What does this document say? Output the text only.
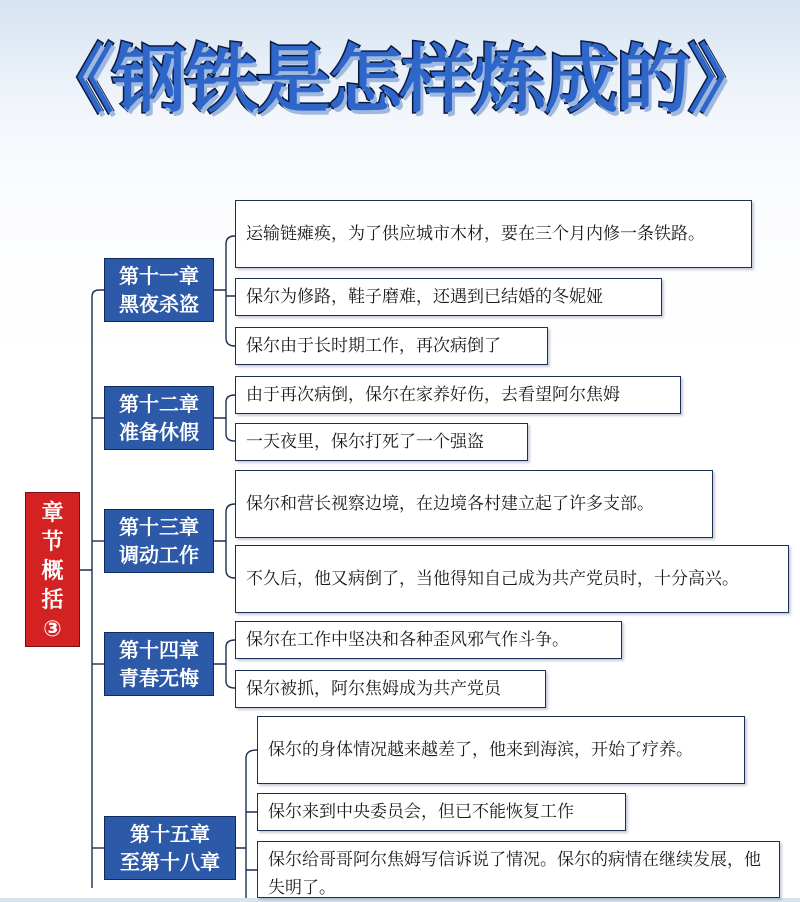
《钢铁是怎样炼成的》
章
节
概
括
③
第十一章
黑夜杀盗
运输链瘫痪，为了供应城市木材，要在三个月内修一条铁路。
保尔为修路，鞋子磨难，还遇到已结婚的冬妮娅
保尔由于长时期工作，再次病倒了
第十二章
准备休假
由于再次病倒，保尔在家养好伤，去看望阿尔焦姆
一天夜里，保尔打死了一个强盗
第十三章
调动工作
保尔和营长视察边境，在边境各村建立起了许多支部。
不久后，他又病倒了，当他得知自己成为共产党员时，十分高兴。
第十四章
青春无悔
保尔在工作中坚决和各种歪风邪气作斗争。
保尔被抓，阿尔焦姆成为共产党员
第十五章
至第十八章
保尔的身体情况越来越差了，他来到海滨，开始了疗养。
保尔来到中央委员会，但已不能恢复工作
保尔给哥哥阿尔焦姆写信诉说了情况。保尔的病情在继续发展，他失明了。
